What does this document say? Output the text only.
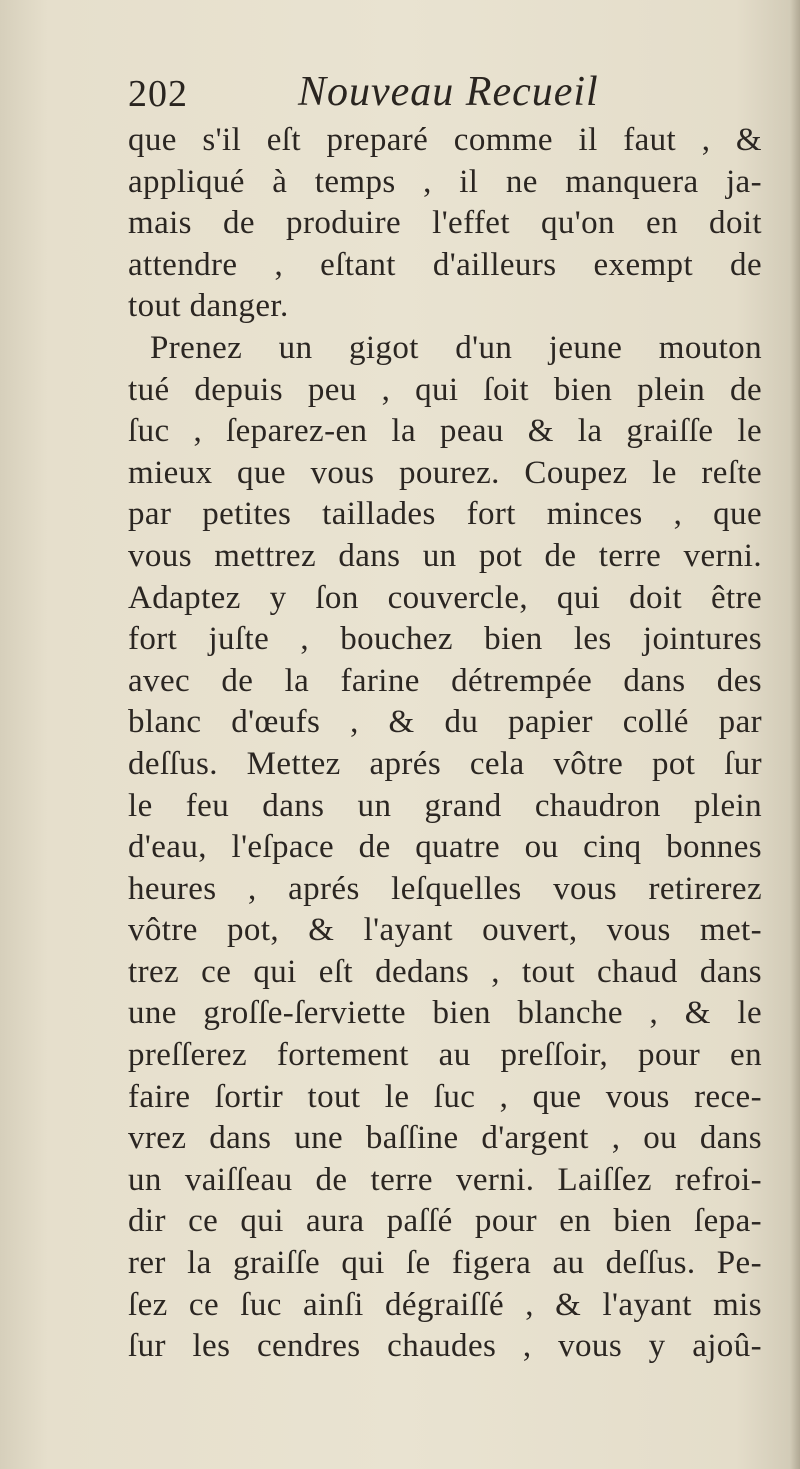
202	Nouveau Recueil
que s'il eſt preparé comme il faut , &
appliqué à temps , il ne manquera ja-
mais de produire l'effet qu'on en doit
attendre , eſtant d'ailleurs exempt de
tout danger.
Prenez un gigot d'un jeune mouton
tué depuis peu , qui ſoit bien plein de
ſuc , ſeparez-en la peau & la graiſſe le
mieux que vous pourez. Coupez le reſte
par petites taillades fort minces , que
vous mettrez dans un pot de terre verni.
Adaptez y ſon couvercle, qui doit être
fort juſte , bouchez bien les jointures
avec de la farine détrempée dans des
blanc d'œufs , & du papier collé par
deſſus. Mettez aprés cela vôtre pot ſur
le feu dans un grand chaudron plein
d'eau, l'eſpace de quatre ou cinq bonnes
heures , aprés leſquelles vous retirerez
vôtre pot, & l'ayant ouvert, vous met-
trez ce qui eſt dedans , tout chaud dans
une groſſe-ſerviette bien blanche , & le
preſſerez fortement au preſſoir, pour en
faire ſortir tout le ſuc , que vous rece-
vrez dans une baſſine d'argent , ou dans
un vaiſſeau de terre verni. Laiſſez refroi-
dir ce qui aura paſſé pour en bien ſepa-
rer la graiſſe qui ſe figera au deſſus. Pe-
ſez ce ſuc ainſi dégraiſſé , & l'ayant mis
ſur les cendres chaudes , vous y ajoû-
